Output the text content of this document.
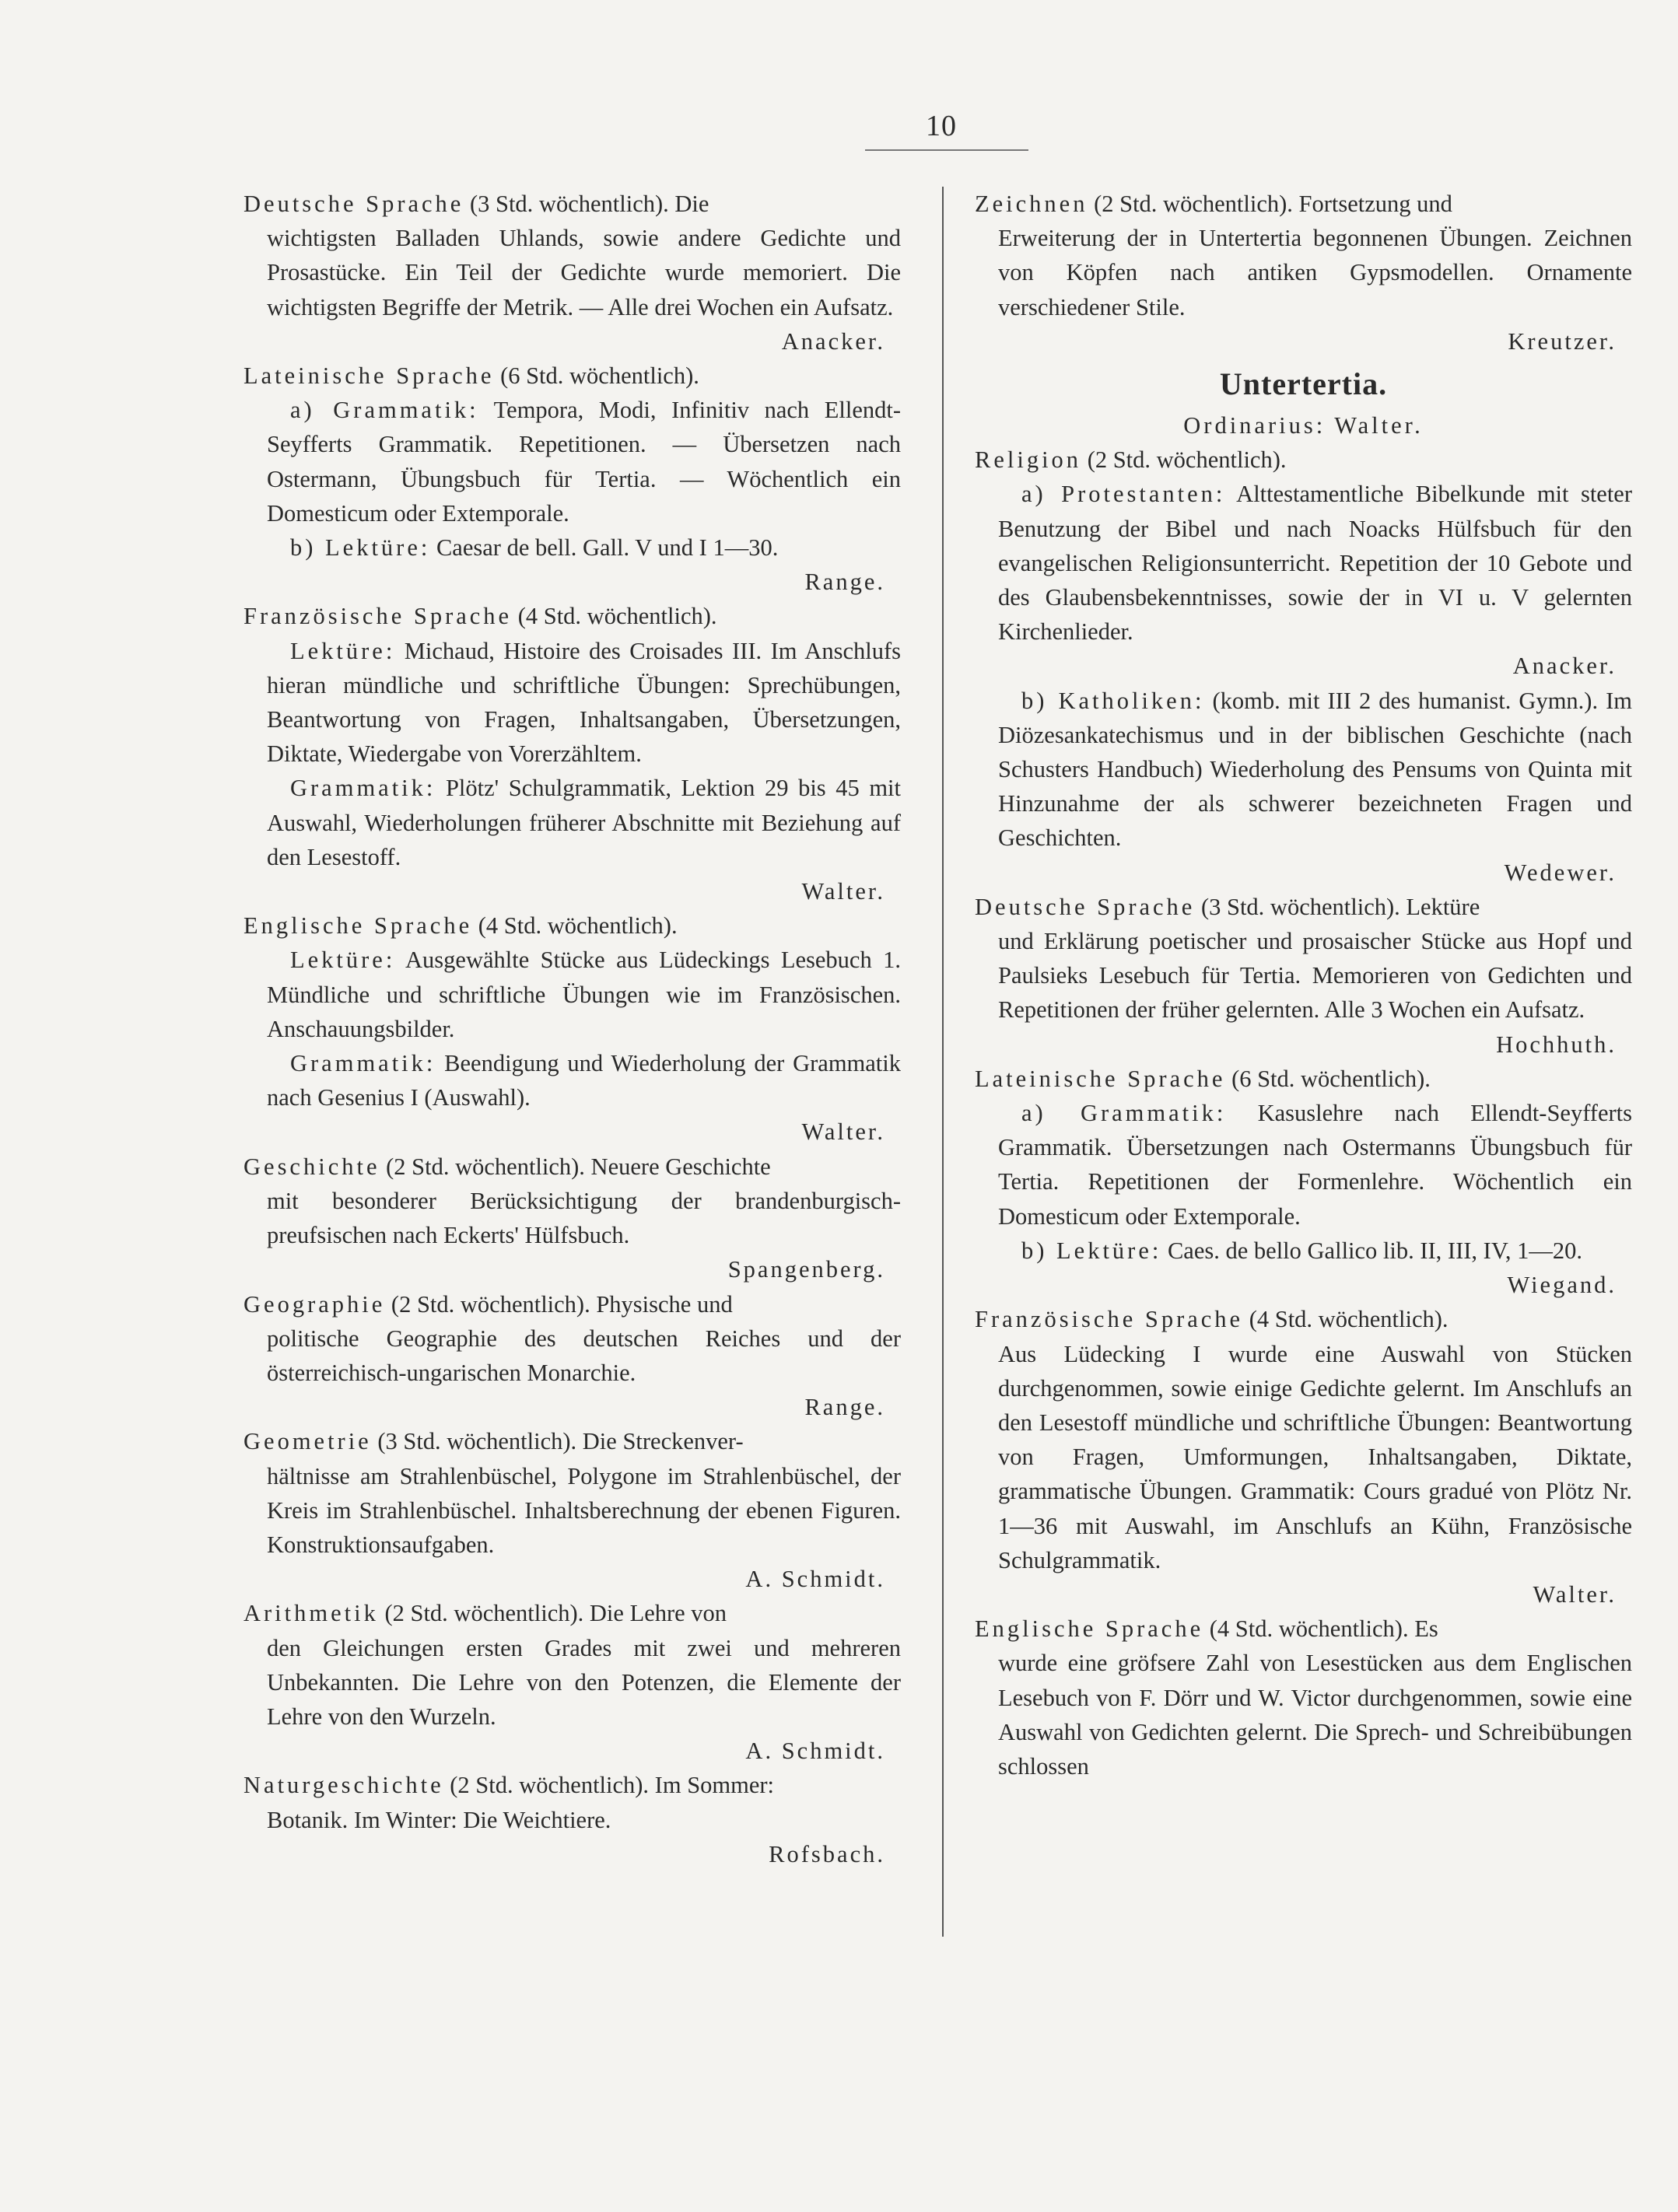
10

Deutsche Sprache (3 Std. wöchentlich). Die

wichtigsten Balladen Uhlands, sowie andere Gedichte und Prosastücke. Ein Teil der Gedichte wurde memoriert. Die wichtigsten Begriffe der Metrik. — Alle drei Wochen ein Aufsatz.

Anacker.

Lateinische Sprache (6 Std. wöchentlich).

a) Grammatik: Tempora, Modi, Infinitiv nach Ellendt-Seyfferts Grammatik. Repetitionen. — Übersetzen nach Ostermann, Übungsbuch für Tertia. — Wöchentlich ein Domesticum oder Extemporale.

b) Lektüre: Caesar de bell. Gall. V und I 1—30.

Range.

Französische Sprache (4 Std. wöchentlich).

Lektüre: Michaud, Histoire des Croisades III. Im Anschlufs hieran mündliche und schriftliche Übungen: Sprechübungen, Beantwortung von Fragen, Inhaltsangaben, Übersetzungen, Diktate, Wiedergabe von Vorerzähltem.

Grammatik: Plötz' Schulgrammatik, Lektion 29 bis 45 mit Auswahl, Wiederholungen früherer Abschnitte mit Beziehung auf den Lesestoff.

Walter.

Englische Sprache (4 Std. wöchentlich).

Lektüre: Ausgewählte Stücke aus Lüdeckings Lesebuch 1. Mündliche und schriftliche Übungen wie im Französischen. Anschauungsbilder.

Grammatik: Beendigung und Wiederholung der Grammatik nach Gesenius I (Auswahl).

Walter.

Geschichte (2 Std. wöchentlich). Neuere Geschichte

mit besonderer Berücksichtigung der brandenburgisch-preufsischen nach Eckerts' Hülfsbuch.

Spangenberg.

Geographie (2 Std. wöchentlich). Physische und

politische Geographie des deutschen Reiches und der österreichisch-ungarischen Monarchie.

Range.

Geometrie (3 Std. wöchentlich). Die Streckenver-

hältnisse am Strahlenbüschel, Polygone im Strahlenbüschel, der Kreis im Strahlenbüschel. Inhaltsberechnung der ebenen Figuren. Konstruktionsaufgaben.

A. Schmidt.

Arithmetik (2 Std. wöchentlich). Die Lehre von

den Gleichungen ersten Grades mit zwei und mehreren Unbekannten. Die Lehre von den Potenzen, die Elemente der Lehre von den Wurzeln.

A. Schmidt.

Naturgeschichte (2 Std. wöchentlich). Im Sommer:

Botanik. Im Winter: Die Weichtiere.

Rofsbach.

Zeichnen (2 Std. wöchentlich). Fortsetzung und

Erweiterung der in Untertertia begonnenen Übungen. Zeichnen von Köpfen nach antiken Gypsmodellen. Ornamente verschiedener Stile.

Kreutzer.

Untertertia.

Ordinarius: Walter.

Religion (2 Std. wöchentlich).

a) Protestanten: Alttestamentliche Bibelkunde mit steter Benutzung der Bibel und nach Noacks Hülfsbuch für den evangelischen Religionsunterricht. Repetition der 10 Gebote und des Glaubensbekenntnisses, sowie der in VI u. V gelernten Kirchenlieder.

Anacker.

b) Katholiken: (komb. mit III 2 des humanist. Gymn.). Im Diözesankatechismus und in der biblischen Geschichte (nach Schusters Handbuch) Wiederholung des Pensums von Quinta mit Hinzunahme der als schwerer bezeichneten Fragen und Geschichten.

Wedewer.

Deutsche Sprache (3 Std. wöchentlich). Lektüre

und Erklärung poetischer und prosaischer Stücke aus Hopf und Paulsieks Lesebuch für Tertia. Memorieren von Gedichten und Repetitionen der früher gelernten. Alle 3 Wochen ein Aufsatz.

Hochhuth.

Lateinische Sprache (6 Std. wöchentlich).

a) Grammatik: Kasuslehre nach Ellendt-Seyfferts Grammatik. Übersetzungen nach Ostermanns Übungsbuch für Tertia. Repetitionen der Formenlehre. Wöchentlich ein Domesticum oder Extemporale.

b) Lektüre: Caes. de bello Gallico lib. II, III, IV, 1—20.

Wiegand.

Französische Sprache (4 Std. wöchentlich).

Aus Lüdecking I wurde eine Auswahl von Stücken durchgenommen, sowie einige Gedichte gelernt. Im Anschlufs an den Lesestoff mündliche und schriftliche Übungen: Beantwortung von Fragen, Umformungen, Inhaltsangaben, Diktate, grammatische Übungen. Grammatik: Cours gradué von Plötz Nr. 1—36 mit Auswahl, im Anschlufs an Kühn, Französische Schulgrammatik.

Walter.

Englische Sprache (4 Std. wöchentlich). Es

wurde eine gröfsere Zahl von Lesestücken aus dem Englischen Lesebuch von F. Dörr und W. Victor durchgenommen, sowie eine Auswahl von Gedichten gelernt. Die Sprech- und Schreibübungen schlossen
